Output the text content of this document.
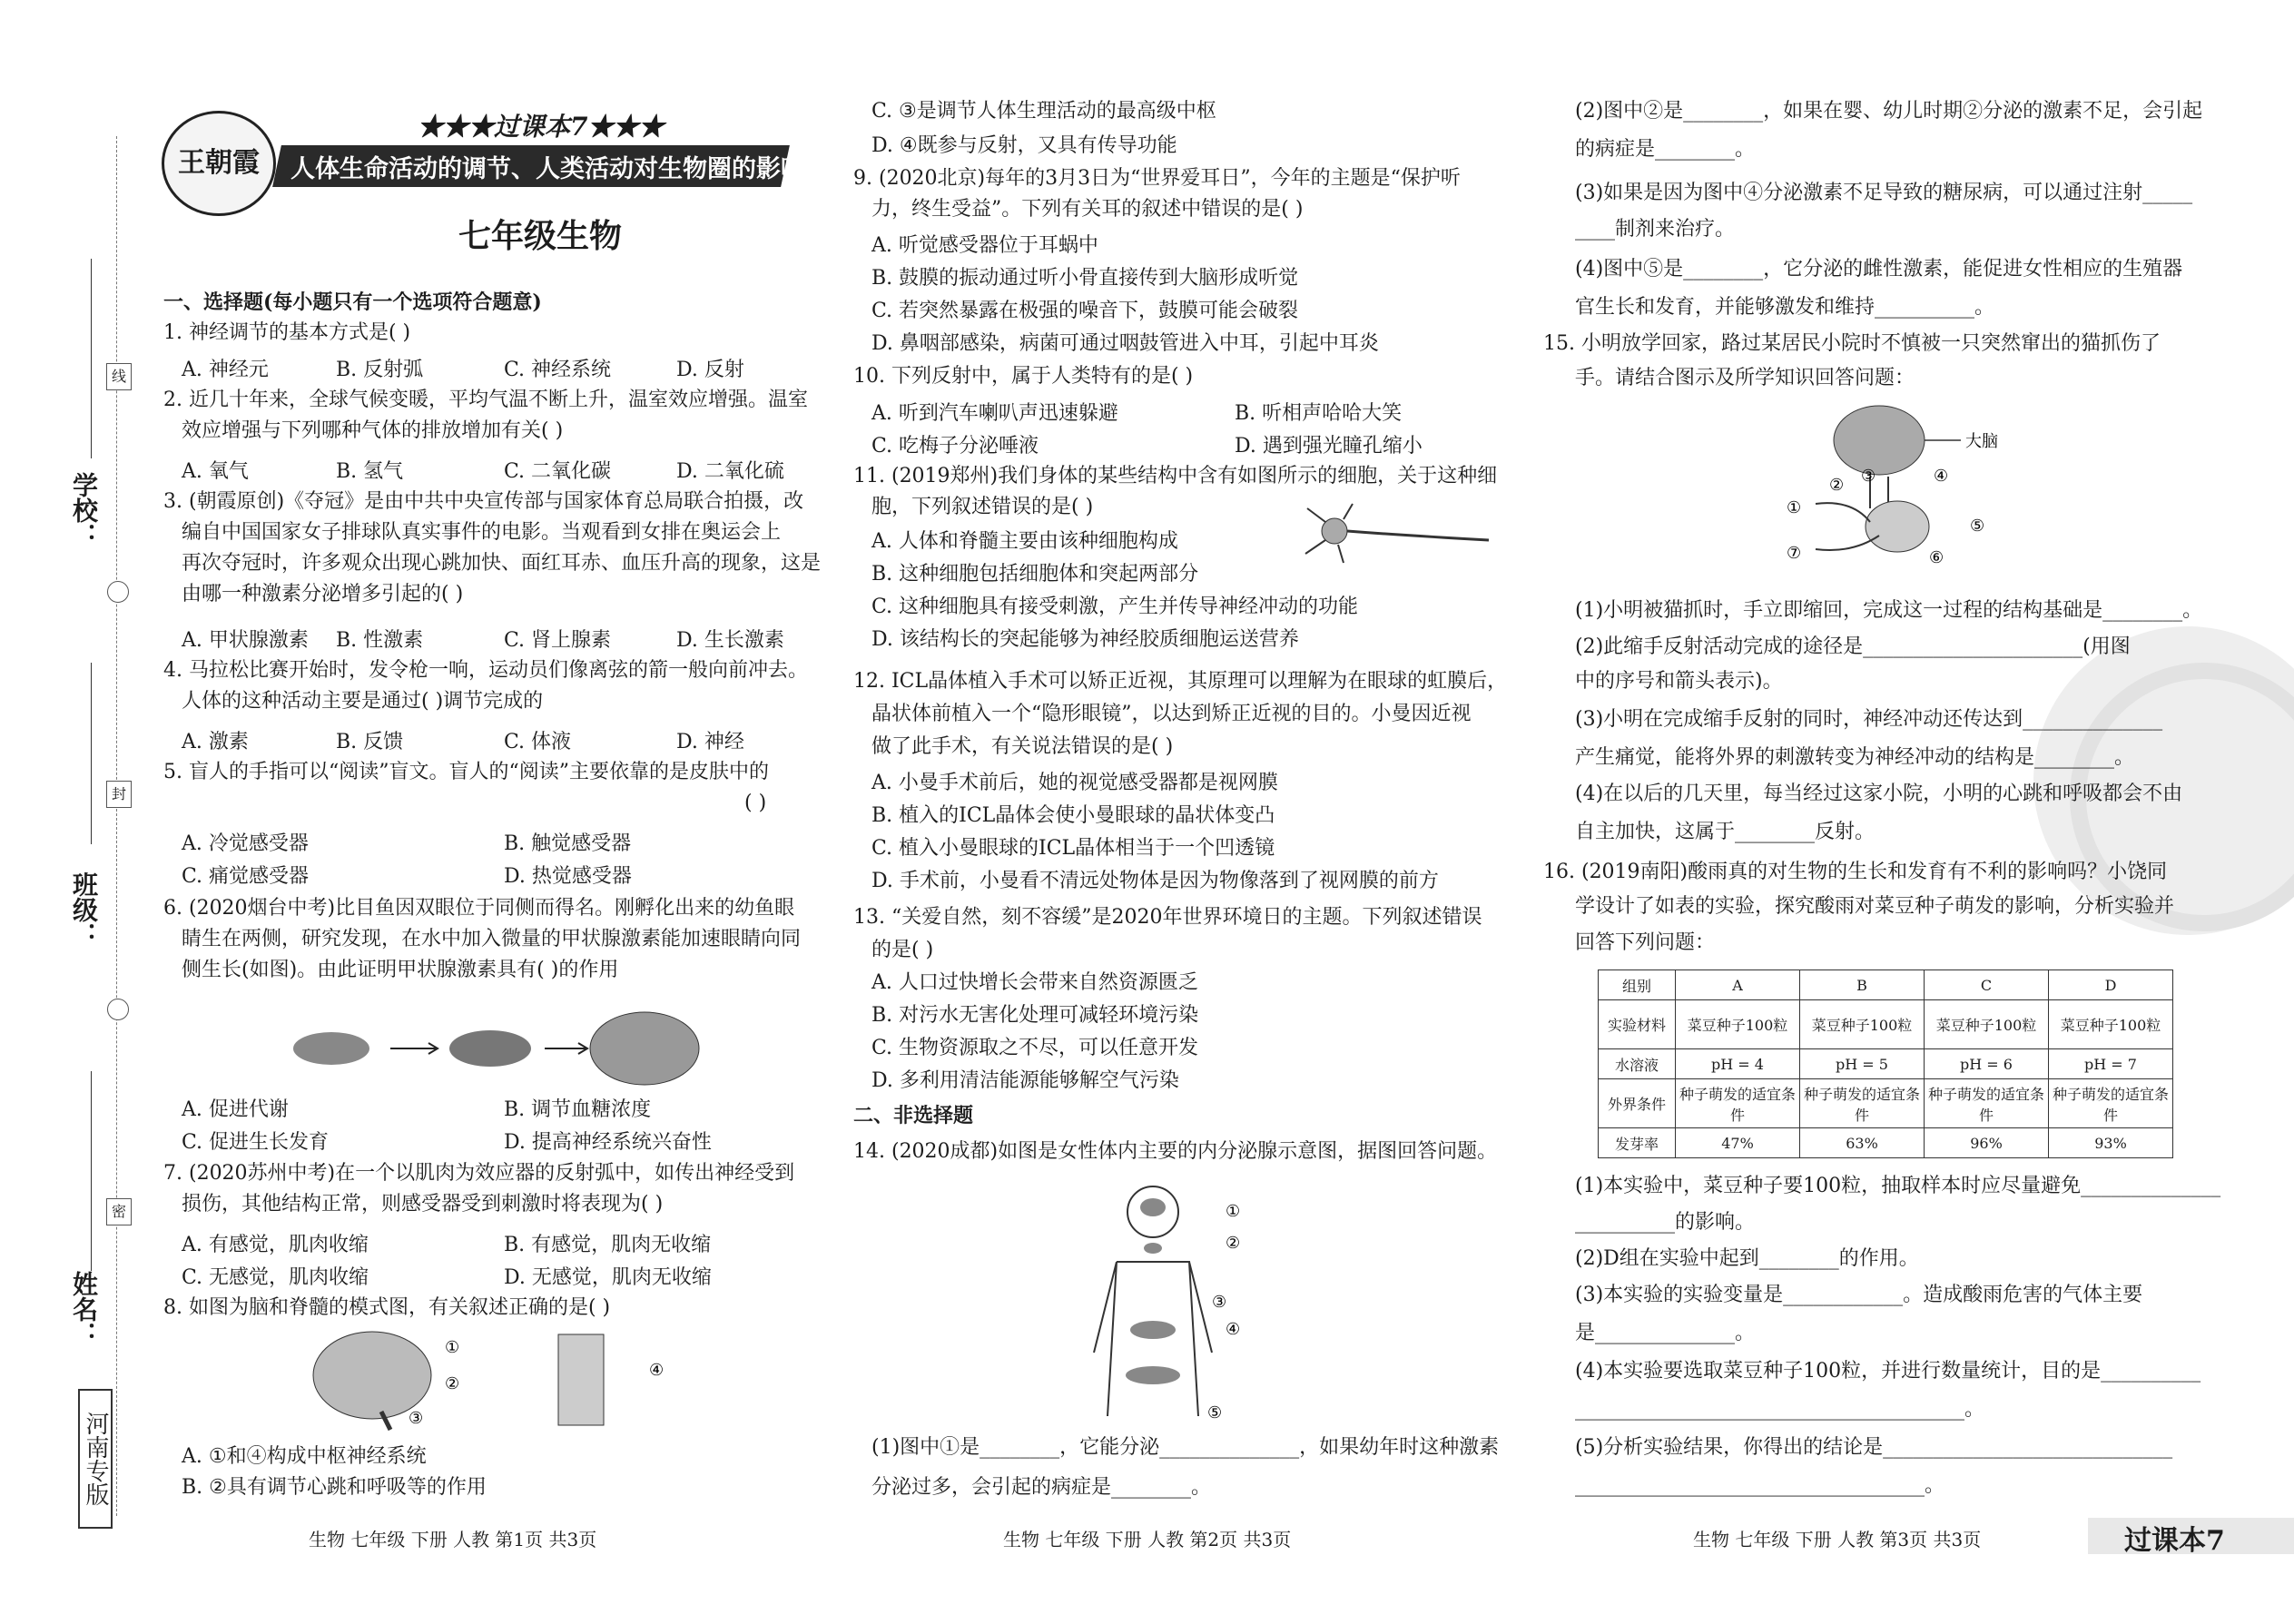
学校：
班级：
姓名：
线
封
密
河南专版
王朝霞
★★★过课本7★★★
人体生命活动的调节、人类活动对生物圈的影响(一)
七年级生物
一、选择题(每小题只有一个选项符合题意)
1. 神经调节的基本方式是( )
A. 神经元	B. 反射弧	C. 神经系统	D. 反射
2. 近几十年来，全球气候变暖，平均气温不断上升，温室效应增强。温室
效应增强与下列哪种气体的排放增加有关( )
A. 氧气	B. 氢气	C. 二氧化碳	D. 二氧化硫
3. (朝霞原创)《夺冠》是由中共中央宣传部与国家体育总局联合拍摄，改
编自中国国家女子排球队真实事件的电影。当观看到女排在奥运会上
再次夺冠时，许多观众出现心跳加快、面红耳赤、血压升高的现象，这是
由哪一种激素分泌增多引起的( )
A. 甲状腺激素 B. 性激素	C. 肾上腺素	D. 生长激素
4. 马拉松比赛开始时，发令枪一响，运动员们像离弦的箭一般向前冲去。
人体的这种活动主要是通过( )调节完成的
A. 激素	B. 反馈	C. 体液	D. 神经
5. 盲人的手指可以“阅读”盲文。盲人的“阅读”主要依靠的是皮肤中的
( )
A. 冷觉感受器	B. 触觉感受器
C. 痛觉感受器	D. 热觉感受器
6. (2020烟台中考)比目鱼因双眼位于同侧而得名。刚孵化出来的幼鱼眼
睛生在两侧，研究发现，在水中加入微量的甲状腺激素能加速眼睛向同
侧生长(如图)。由此证明甲状腺激素具有( )的作用
A. 促进代谢	B. 调节血糖浓度
C. 促进生长发育	D. 提高神经系统兴奋性
7. (2020苏州中考)在一个以肌肉为效应器的反射弧中，如传出神经受到
损伤，其他结构正常，则感受器受到刺激时将表现为( )
A. 有感觉，肌肉收缩	B. 有感觉，肌肉无收缩
C. 无感觉，肌肉收缩	D. 无感觉，肌肉无收缩
8. 如图为脑和脊髓的模式图，有关叙述正确的是( )
①
②
③
④
A. ①和④构成中枢神经系统
B. ②具有调节心跳和呼吸等的作用
生物 七年级 下册 人教 第1页 共3页
C. ③是调节人体生理活动的最高级中枢
D. ④既参与反射，又具有传导功能
9. (2020北京)每年的3月3日为“世界爱耳日”，今年的主题是“保护听
力，终生受益”。下列有关耳的叙述中错误的是( )
A. 听觉感受器位于耳蜗中
B. 鼓膜的振动通过听小骨直接传到大脑形成听觉
C. 若突然暴露在极强的噪音下，鼓膜可能会破裂
D. 鼻咽部感染，病菌可通过咽鼓管进入中耳，引起中耳炎
10. 下列反射中，属于人类特有的是( )
A. 听到汽车喇叭声迅速躲避	B. 听相声哈哈大笑
C. 吃梅子分泌唾液	D. 遇到强光瞳孔缩小
11. (2019郑州)我们身体的某些结构中含有如图所示的细胞，关于这种细
胞，下列叙述错误的是( )
A. 人体和脊髓主要由该种细胞构成
B. 这种细胞包括细胞体和突起两部分
C. 这种细胞具有接受刺激，产生并传导神经冲动的功能
D. 该结构长的突起能够为神经胶质细胞运送营养
12. ICL晶体植入手术可以矫正近视，其原理可以理解为在眼球的虹膜后，
晶状体前植入一个“隐形眼镜”，以达到矫正近视的目的。小曼因近视
做了此手术，有关说法错误的是( )
A. 小曼手术前后，她的视觉感受器都是视网膜
B. 植入的ICL晶体会使小曼眼球的晶状体变凸
C. 植入小曼眼球的ICL晶体相当于一个凹透镜
D. 手术前，小曼看不清远处物体是因为物像落到了视网膜的前方
13. “关爱自然，刻不容缓”是2020年世界环境日的主题。下列叙述错误
的是( )
A. 人口过快增长会带来自然资源匮乏
B. 对污水无害化处理可减轻环境污染
C. 生物资源取之不尽，可以任意开发
D. 多利用清洁能源能够解空气污染
二、非选择题
14. (2020成都)如图是女性体内主要的内分泌腺示意图，据图回答问题。
①
②
③
④
⑤
(1)图中①是________，它能分泌______________，如果幼年时这种激素
分泌过多，会引起的病症是________。
生物 七年级 下册 人教 第2页 共3页
(2)图中②是________，如果在婴、幼儿时期②分泌的激素不足，会引起
的病症是________。
(3)如果是因为图中④分泌激素不足导致的糖尿病，可以通过注射_____
____制剂来治疗。
(4)图中⑤是________，它分泌的雌性激素，能促进女性相应的生殖器
官生长和发育，并能够激发和维持__________。
15. 小明放学回家，路过某居民小院时不慎被一只突然窜出的猫抓伤了
手。请结合图示及所学知识回答问题：
大脑
①
② ③	④
⑤
⑥
⑦
(1)小明被猫抓时，手立即缩回，完成这一过程的结构基础是________。
(2)此缩手反射活动完成的途径是______________________(用图
中的序号和箭头表示)。
(3)小明在完成缩手反射的同时，神经冲动还传达到______________
产生痛觉，能将外界的刺激转变为神经冲动的结构是________。
(4)在以后的几天里，每当经过这家小院，小明的心跳和呼吸都会不由
自主加快，这属于________反射。
16. (2019南阳)酸雨真的对生物的生长和发育有不利的影响吗？小饶同
学设计了如表的实验，探究酸雨对菜豆种子萌发的影响，分析实验并
回答下列问题：
组别	A	B	C	D
实验材料	菜豆种子100粒	菜豆种子100粒	菜豆种子100粒	菜豆种子100粒
水溶液	pH = 4	pH = 5	pH = 6	pH = 7
外界条件	种子萌发的适宜条件	种子萌发的适宜条件	种子萌发的适宜条件	种子萌发的适宜条件
发芽率	47%	63%	96%	93%
(1)本实验中，菜豆种子要100粒，抽取样本时应尽量避免______________
__________的影响。
(2)D组在实验中起到________的作用。
(3)本实验的实验变量是____________。造成酸雨危害的气体主要
是______________。
(4)本实验要选取菜豆种子100粒，并进行数量统计，目的是__________
_______________________________________。
(5)分析实验结果，你得出的结论是_____________________________
___________________________________。
生物 七年级 下册 人教 第3页 共3页	过课本7
